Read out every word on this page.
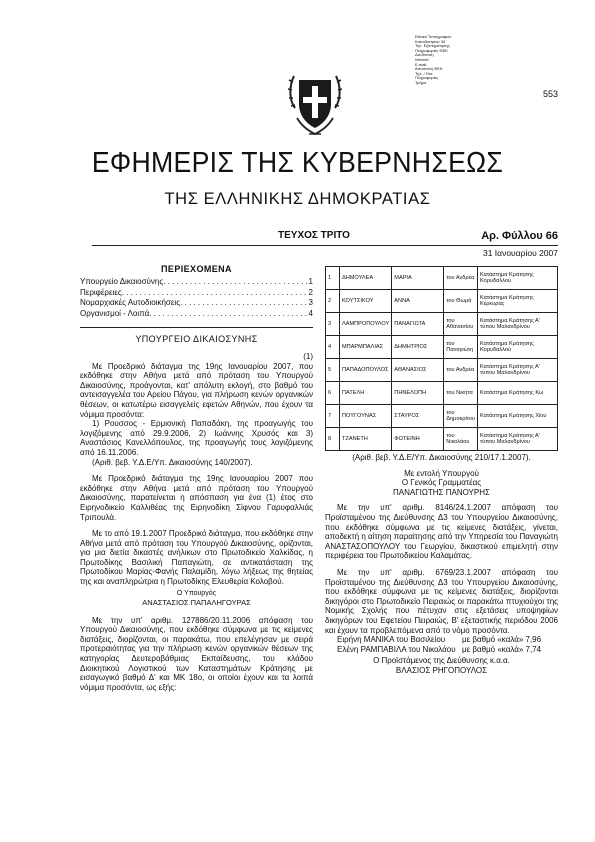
Εθνικό Τυπογραφείο
Καποδιστρίου 34
Τηλ. Εξυπηρέτησης
Πληροφορίες ΦΕΚ
Διεύθυνση
Internet
E-mail
Αποστολή ΦΕΚ
Τηλ. / Fax
Πληροφορίες
Τμήμα
553
ΕΦΗΜΕΡΙΣ ΤΗΣ ΚΥΒΕΡΝΗΣΕΩΣ
ΤΗΣ ΕΛΛΗΝΙΚΗΣ ΔΗΜΟΚΡΑΤΙΑΣ
ΤΕΥΧΟΣ ΤΡΙΤΟ	Αρ. Φύλλου 66
31 Ιανουαρίου 2007
ΠΕΡΙΕΧΟΜΕΝΑ
Υπουργείο Δικαιοσύνης . . .	1
Περιφέρειες . . .	2
Νομαρχιακές Αυτοδιοικήσεις . . .	3
Οργανισμοί - Λοιπά . . .	4
ΥΠΟΥΡΓΕΙΟ ΔΙΚΑΙΟΣΥΝΗΣ
(1)

Με Προεδρικό διάταγμα της 19ης Ιανουαρίου 2007, που εκδόθηκε στην Αθήνα μετά από πρόταση του Υπουργού Δικαιοσύνης, προάγονται, κατ' απόλυτη εκλογή, στο βαθμό του αντεισαγγελέα του Αρείου Πάγου, για πλήρωση κενών οργανικών θέσεων, οι κατωτέρω εισαγγελείς εφετών Αθηνών, που έχουν τα νόμιμα προσόντα:

1) Ρουσσος - Ερμιονική Παπαδάκη, της προαγωγής του λογιζόμενης από 29.9.2006, 2) Ιωάννης Χρυσός και 3) Αναστάσιος Κανελλόπουλος, της προαγωγής τους λογιζόμενης από 16.11.2006.

(Αριθ. βεβ. Υ.Δ.Ε/Υπ. Δικαιοσύνης 140/2007).

Με Προεδρικό διάταγμα της 19ης Ιανουαρίου 2007 που εκδόθηκε στην Αθήνα μετά από πρόταση του Υπουργού Δικαιοσύνης, παρατείνεται η απόσπαση για ένα (1) έτος στο Ειρηνοδικείο Καλλιθέας της Ειρηνοδίκη Σίφνου Γαρυφαλλιάς Τριπουλά.

Με το από 19.1.2007 Προεδρικό διάταγμα, που εκδόθηκε στην Αθήνα μετά από πρόταση του Υπουργού Δικαιοσύνης, ορίζονται, για μια διετία δικαστές ανήλικων στο Πρωτοδικείο Χαλκίδας, η Πρωτοδίκης Βασιλική Παπαγιώτη, σε αντικατάσταση της Πρωτοδίκου Μαρίας-Φανής Παλαμίδη, λόγω λήξεως της θητείας της και αναπληρώτρια η Πρωτοδίκης Ελευθερία Κολοβού.

Ο Υπουργός
ΑΝΑΣΤΑΣΙΟΣ ΠΑΠΑΛΗΓΟΥΡΑΣ

Με την υπ' αριθμ. 127886/20.11.2006 απόφαση του Υπουργού Δικαιοσύνης, που εκδόθηκε σύμφωνα με τις κείμενες διατάξεις, διορίζονται, οι παρακάτω, που επελέγησαν με σειρά προτεραιότητας για την πλήρωση κενών οργανικών θέσεων της κατηγορίας Δευτεροβάθμιας Εκπαίδευσης, του κλάδου Διοικητικού Λογιστικού των Καταστημάτων Κράτησης με εισαγωγικό βαθμό Δ' και ΜΚ 18ο, οι οποίοι έχουν και τα λοιπά νόμιμα προσόντα, ως εξής:

1	ΔΗΜΟΥΛΕΑ	ΜΑΡΙΑ	του Ανδρέα	Κατάστημα Κράτησης Κορυδαλλού
2	ΚΟΥΤΣΙΚΟΥ	ΑΝΝΑ	του Θωμά	Κατάστημα Κράτησης Κέρκυρας
3	ΛΑΜΠΡΟΠΟΥΛΟΥ	ΠΑΝΑΓΙΩΤΑ	του Αθανασίου	Κατάστημα Κράτησης Α' τύπου Μαλανδρίνου
4	ΜΠΑΡΜΠΑΛΙΑΣ	ΔΗΜΗΤΡΙΟΣ	του Παναγιώτη	Κατάστημα Κράτησης Κορυδαλλού
5	ΠΑΠΑΔΟΠΟΥΛΟΣ	ΑΘΑΝΑΣΙΟΣ	του Ανδρέα	Κατάστημα Κράτησης Α' τύπου Μαλανδρίνου
6	ΠΑΤΕΛΗ	ΠΗΝΕΛΟΠΗ	του Νικήτα	Κατάστημα Κράτησης Κω
7	ΠΟΥΓΟΥΝΑΣ	ΣΤΑΥΡΟΣ	του Δημοκρίτου	Κατάστημα Κράτησης Χίου
8	ΤΖΑΝΕΤΗ	ΦΩΤΕΙΝΗ	του Νικολάου	Κατάστημα Κράτησης Α' τύπου Μαλανδρίνου
(Αριθ. βεβ. Υ.Δ.Ε/Υπ. Δικαιοσύνης 210/17.1.2007).
Με εντολή Υπουργού
Ο Γενικός Γραμματέας
ΠΑΝΑΓΙΩΤΗΣ ΠΑΝΟΥΡΗΣ

Με την υπ' αριθμ. 8146/24.1.2007 απόφαση του Προϊσταμένου της Διεύθυνσης Δ3 του Υπουργείου Δικαιοσύνης, που εκδόθηκε σύμφωνα με τις κείμενες διατάξεις, γίνεται, αποδεκτή η αίτηση παραίτησης από την Υπηρεσία του Παναγιώτη ΑΝΑΣΤΑΣΟΠΟΥΛΟΥ του Γεωργίου, δικαστικού επιμελητή στην περιφέρεια του Πρωτοδικείου Καλαμάτας.

Με την υπ' αριθμ. 6769/23.1.2007 απόφαση του Προϊσταμένου της Διεύθυνσης Δ3 του Υπουργείου Δικαιοσύνης, που εκδόθηκε σύμφωνα με τις κείμενες διατάξεις, διορίζονται δικηγόροι στο Πρωτοδικείο Πειραιώς οι παρακάτω πτυχιούχοι της Νομικής Σχολής που πέτυχαν στις εξετάσεις υποψηφίων δικηγόρων του Εφετείου Πειραιώς, Β' εξεταστικής περιόδου 2006 και έχουν τα προβλεπόμενα από το νόμο προσόντα.

Ειρήνη ΜΑΝΙΚΑ του Βασιλείου	με βαθμό «καλά» 7,96
Ελένη ΡΑΜΠΑΒΙΛΑ του Νικολάου με βαθμό «καλά» 7,74
Ο Προϊστάμενος της Διεύθυνσης κ.α.α.
ΒΛΑΣΙΟΣ ΡΗΓΟΠΟΥΛΟΣ
